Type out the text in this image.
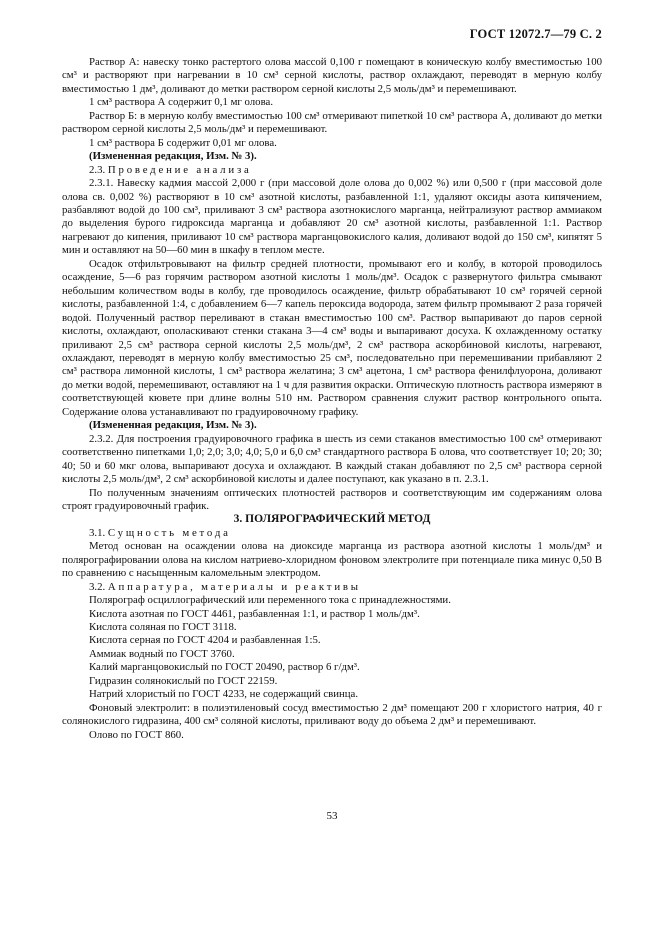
ГОСТ 12072.7—79 С. 2

Раствор А: навеску тонко растертого олова массой 0,100 г помещают в коническую колбу вместимостью 100 см³ и растворяют при нагревании в 10 см³ серной кислоты, раствор охлаждают, переводят в мерную колбу вместимостью 1 дм³, доливают до метки раствором серной кислоты 2,5 моль/дм³ и перемешивают.

1 см³ раствора А содержит 0,1 мг олова.

Раствор Б: в мерную колбу вместимостью 100 см³ отмеривают пипеткой 10 см³ раствора А, доливают до метки раствором серной кислоты 2,5 моль/дм³ и перемешивают.

1 см³ раствора Б содержит 0,01 мг олова.

(Измененная редакция, Изм. № 3).

2.3. Проведение анализа

2.3.1. Навеску кадмия массой 2,000 г (при массовой доле олова до 0,002 %) или 0,500 г (при массовой доле олова св. 0,002 %) растворяют в 10 см³ азотной кислоты, разбавленной 1:1, удаляют оксиды азота кипячением, разбавляют водой до 100 см³, приливают 3 см³ раствора азотнокислого марганца, нейтрализуют раствор аммиаком до выделения бурого гидроксида марганца и добавляют 20 см³ азотной кислоты, разбавленной 1:1. Раствор нагревают до кипения, приливают 10 см³ раствора марганцовокислого калия, доливают водой до 150 см³, кипятят 5 мин и оставляют на 50—60 мин в шкафу в теплом месте.

Осадок отфильтровывают на фильтр средней плотности, промывают его и колбу, в которой проводилось осаждение, 5—6 раз горячим раствором азотной кислоты 1 моль/дм³. Осадок с развернутого фильтра смывают небольшим количеством воды в колбу, где проводилось осаждение, фильтр обрабатывают 10 см³ горячей серной кислоты, разбавленной 1:4, с добавлением 6—7 капель пероксида водорода, затем фильтр промывают 2 раза горячей водой. Полученный раствор переливают в стакан вместимостью 100 см³. Раствор выпаривают до паров серной кислоты, охлаждают, ополаскивают стенки стакана 3—4 см³ воды и выпаривают досуха. К охлажденному остатку приливают 2,5 см³ раствора серной кислоты 2,5 моль/дм³, 2 см³ раствора аскорбиновой кислоты, нагревают, охлаждают, переводят в мерную колбу вместимостью 25 см³, последовательно при перемешивании прибавляют 2 см³ раствора лимонной кислоты, 1 см³ раствора желатина; 3 см³ ацетона, 1 см³ раствора фенилфлуорона, доливают до метки водой, перемешивают, оставляют на 1 ч для развития окраски. Оптическую плотность раствора измеряют в соответствующей кювете при длине волны 510 нм. Раствором сравнения служит раствор контрольного опыта. Содержание олова устанавливают по градуировочному графику.

(Измененная редакция, Изм. № 3).

2.3.2. Для построения градуировочного графика в шесть из семи стаканов вместимостью 100 см³ отмеривают соответственно пипетками 1,0; 2,0; 3,0; 4,0; 5,0 и 6,0 см³ стандартного раствора Б олова, что соответствует 10; 20; 30; 40; 50 и 60 мкг олова, выпаривают досуха и охлаждают. В каждый стакан добавляют по 2,5 см³ раствора серной кислоты 2,5 моль/дм³, 2 см³ аскорбиновой кислоты и далее поступают, как указано в п. 2.3.1.

По полученным значениям оптических плотностей растворов и соответствующим им содержаниям олова строят градуировочный график.

3. ПОЛЯРОГРАФИЧЕСКИЙ МЕТОД

3.1. Сущность метода

Метод основан на осаждении олова на диоксиде марганца из раствора азотной кислоты 1 моль/дм³ и полярографировании олова на кислом натриево-хлоридном фоновом электролите при потенциале пика минус 0,50 В по сравнению с насыщенным каломельным электродом.

3.2. Аппаратура, материалы и реактивы

Полярограф осциллографический или переменного тока с принадлежностями.

Кислота азотная по ГОСТ 4461, разбавленная 1:1, и раствор 1 моль/дм³.

Кислота соляная по ГОСТ 3118.

Кислота серная по ГОСТ 4204 и разбавленная 1:5.

Аммиак водный по ГОСТ 3760.

Калий марганцовокислый по ГОСТ 20490, раствор 6 г/дм³.

Гидразин солянокислый по ГОСТ 22159.

Натрий хлористый по ГОСТ 4233, не содержащий свинца.

Фоновый электролит: в полиэтиленовый сосуд вместимостью 2 дм³ помещают 200 г хлористого натрия, 40 г солянокислого гидразина, 400 см³ соляной кислоты, приливают воду до объема 2 дм³ и перемешивают.

Олово по ГОСТ 860.

53
